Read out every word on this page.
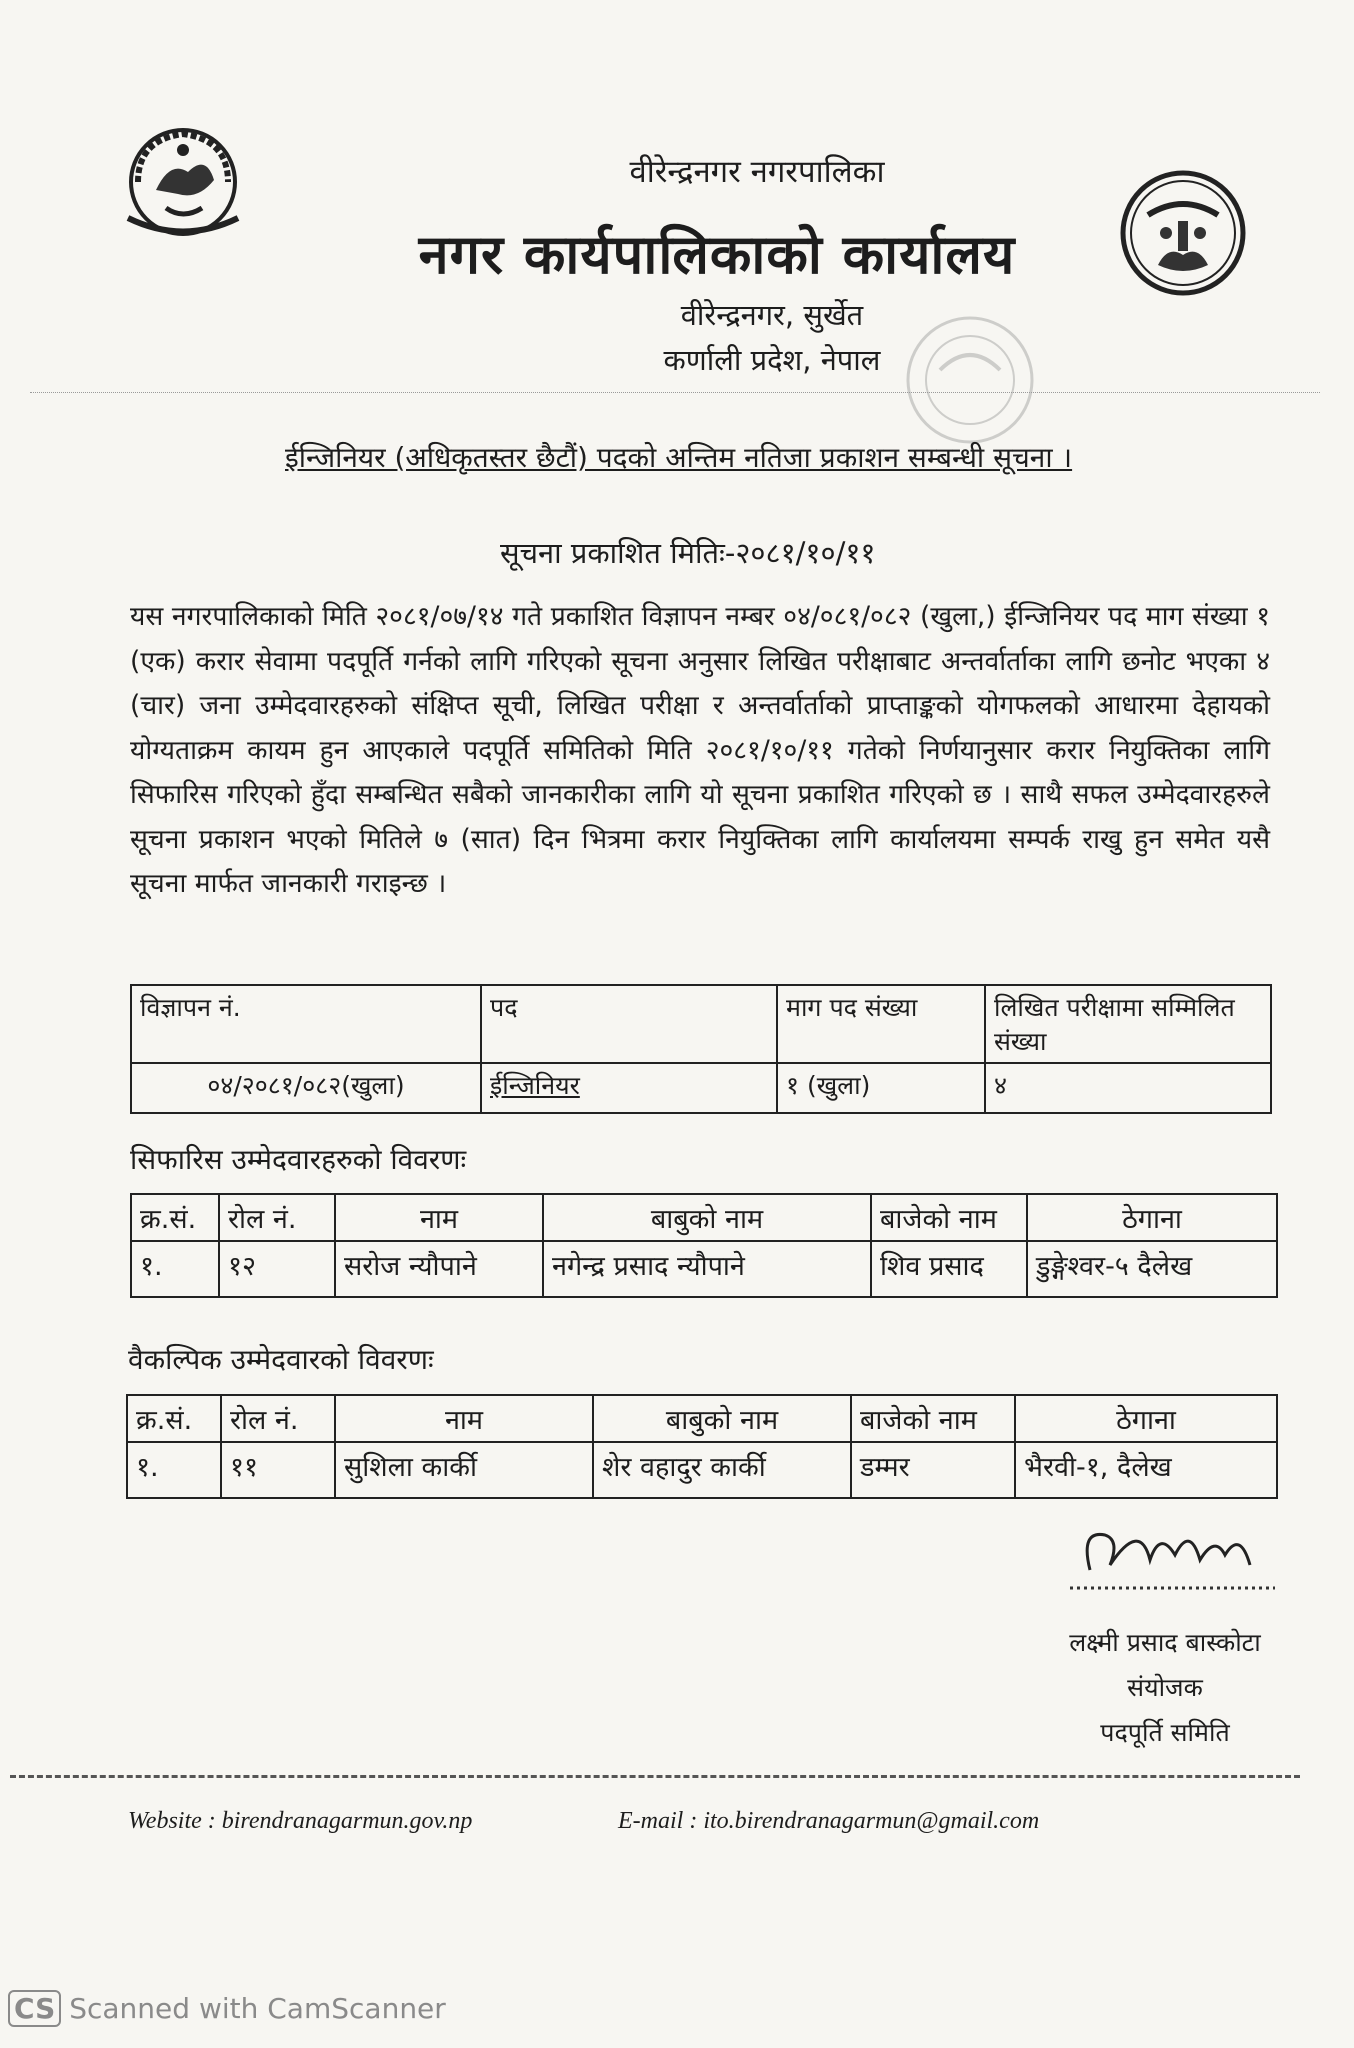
वीरेन्द्रनगर नगरपालिका
नगर कार्यपालिकाको कार्यालय
वीरेन्द्रनगर, सुर्खेत
कर्णाली प्रदेश, नेपाल
ईन्जिनियर (अधिकृतस्तर छैटौं) पदको अन्तिम नतिजा प्रकाशन सम्बन्धी सूचना ।
सूचना प्रकाशित मितिः-२०८१/१०/११
यस नगरपालिकाको मिति २०८१/०७/१४ गते प्रकाशित विज्ञापन नम्बर ०४/०८१/०८२ (खुला,) ईन्जिनियर पद माग संख्या १ (एक) करार सेवामा पदपूर्ति गर्नको लागि गरिएको सूचना अनुसार लिखित परीक्षाबाट अन्तर्वार्ताका लागि छनोट भएका ४ (चार) जना उम्मेदवारहरुको संक्षिप्त सूची, लिखित परीक्षा र अन्तर्वार्ताको प्राप्ताङ्कको योगफलको आधारमा देहायको योग्यताक्रम कायम हुन आएकाले पदपूर्ति समितिको मिति २०८१/१०/११ गतेको निर्णयानुसार करार नियुक्तिका लागि सिफारिस गरिएको हुँदा सम्बन्धित सबैको जानकारीका लागि यो सूचना प्रकाशित गरिएको छ । साथै सफल उम्मेदवारहरुले सूचना प्रकाशन भएको मितिले ७ (सात) दिन भित्रमा करार नियुक्तिका लागि कार्यालयमा सम्पर्क राखु हुन समेत यसै सूचना मार्फत जानकारी गराइन्छ ।
विज्ञापन नं.	पद	माग पद संख्या	लिखित परीक्षामा सम्मिलित संख्या
०४/२०८१/०८२(खुला)	ईन्जिनियर	१ (खुला)	४
सिफारिस उम्मेदवारहरुको विवरणः
क्र.सं.	रोल नं.	नाम	बाबुको नाम	बाजेको नाम	ठेगाना
१.	१२	सरोज न्यौपाने	नगेन्द्र प्रसाद न्यौपाने	शिव प्रसाद	डुङ्गेश्वर-५ दैलेख
वैकल्पिक उम्मेदवारको विवरणः
क्र.सं.	रोल नं.	नाम	बाबुको नाम	बाजेको नाम	ठेगाना
१.	११	सुशिला कार्की	शेर वहादुर कार्की	डम्मर	भैरवी-१, दैलेख
लक्ष्मी प्रसाद बास्कोटा
संयोजक
पदपूर्ति समिति
Website : birendranagarmun.gov.np	E-mail : ito.birendranagarmun@gmail.com
CS Scanned with CamScanner
